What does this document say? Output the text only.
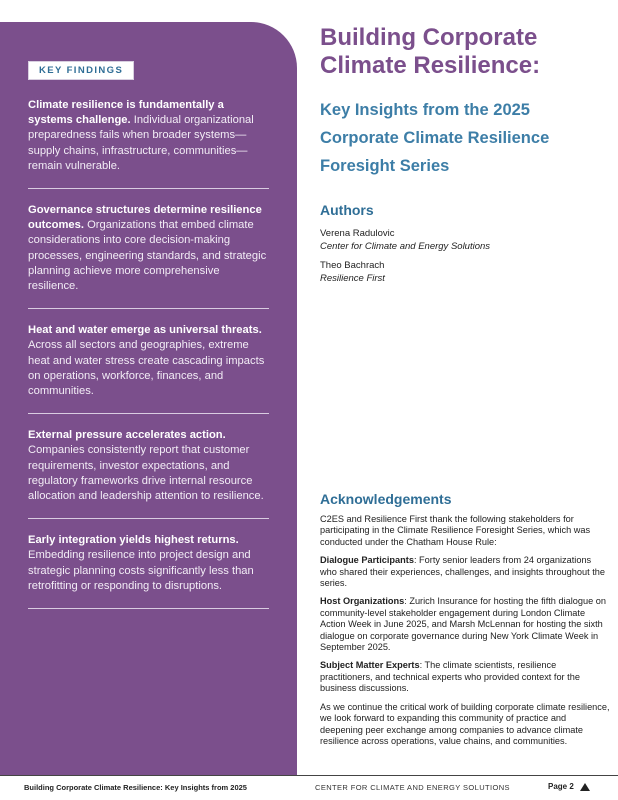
KEY FINDINGS
Climate resilience is fundamentally a systems challenge. Individual organizational preparedness fails when broader systems—supply chains, infrastructure, communities—remain vulnerable.
Governance structures determine resilience outcomes. Organizations that embed climate considerations into core decision-making processes, engineering standards, and strategic planning achieve more comprehensive resilience.
Heat and water emerge as universal threats. Across all sectors and geographies, extreme heat and water stress create cascading impacts on operations, workforce, finances, and communities.
External pressure accelerates action. Companies consistently report that customer requirements, investor expectations, and regulatory frameworks drive internal resource allocation and leadership attention to resilience.
Early integration yields highest returns. Embedding resilience into project design and strategic planning costs significantly less than retrofitting or responding to disruptions.
Building Corporate Climate Resilience:
Key Insights from the 2025 Corporate Climate Resilience Foresight Series
Authors
Verena Radulovic
Center for Climate and Energy Solutions
Theo Bachrach
Resilience First
Acknowledgements

C2ES and Resilience First thank the following stakeholders for participating in the Climate Resilience Foresight Series, which was conducted under the Chatham House Rule:

Dialogue Participants: Forty senior leaders from 24 organizations who shared their experiences, challenges, and insights throughout the series.

Host Organizations: Zurich Insurance for hosting the fifth dialogue on community-level stakeholder engagement during London Climate Action Week in June 2025, and Marsh McLennan for hosting the sixth dialogue on corporate governance during New York Climate Week in September 2025.

Subject Matter Experts: The climate scientists, resilience practitioners, and technical experts who provided context for the business discussions.

As we continue the critical work of building corporate climate resilience, we look forward to expanding this community of practice and deepening peer exchange among companies to advance climate resilience across operations, value chains, and communities.

Building Corporate Climate Resilience: Key Insights from 2025	CENTER FOR CLIMATE AND ENERGY SOLUTIONS	Page 2
